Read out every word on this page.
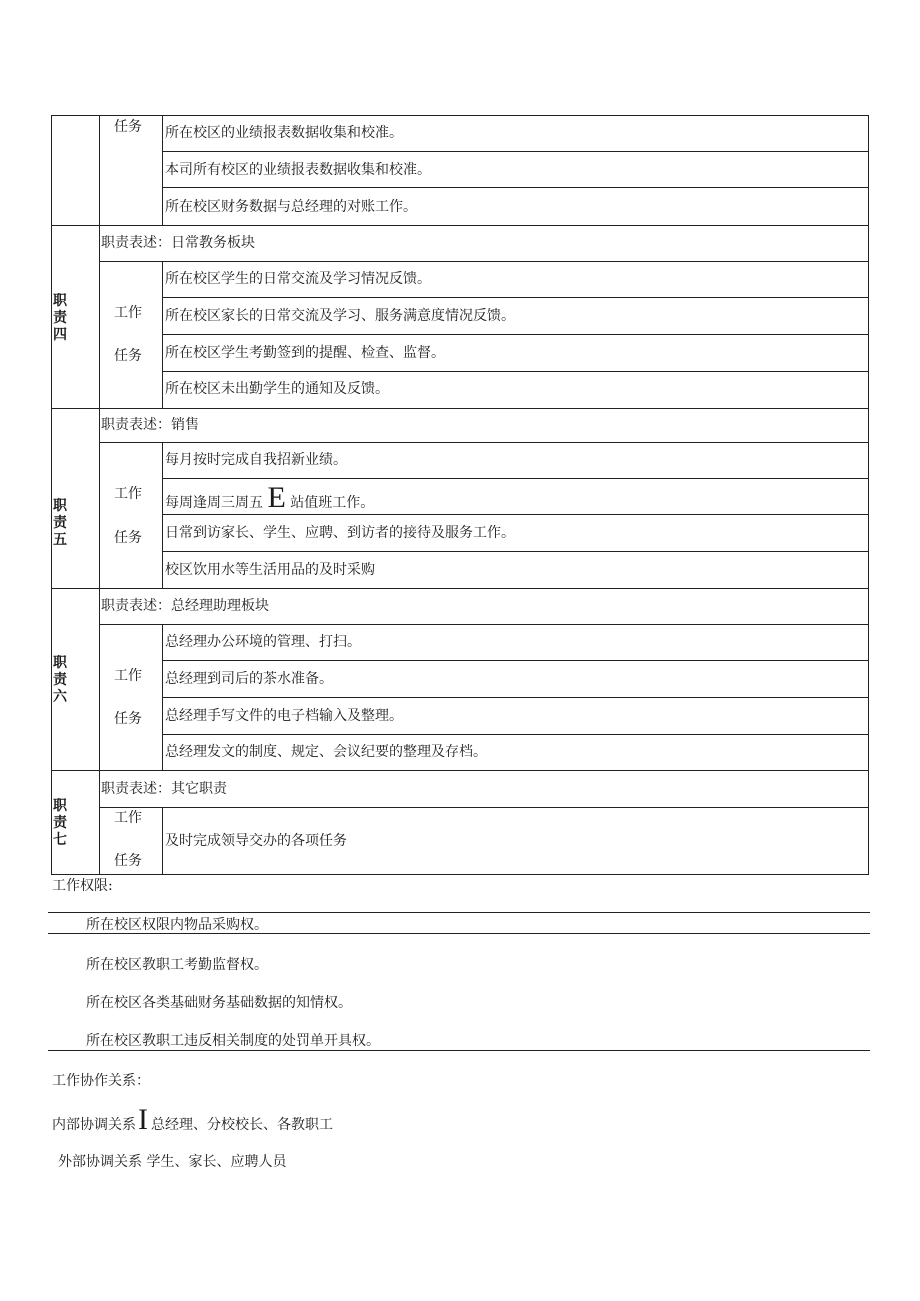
任务 所在校区的业绩报表数据收集和校准。
本司所有校区的业绩报表数据收集和校准。
所在校区财务数据与总经理的对账工作。
职
责
四
职责表述：日常教务板块
工作
任务
所在校区学生的日常交流及学习情况反馈。
所在校区家长的日常交流及学习、服务满意度情况反馈。
所在校区学生考勤签到的提醒、检查、监督。
所在校区未出勤学生的通知及反馈。
职
责
五
职责表述：销售
工作
任务
每月按时完成自我招新业绩。
每周逢周三周五 E 站值班工作。
日常到访家长、学生、应聘、到访者的接待及服务工作。
校区饮用水等生活用品的及时采购
职
责
六
职责表述：总经理助理板块
工作
任务
总经理办公环境的管理、打扫。
总经理到司后的茶水准备。
总经理手写文件的电子档输入及整理。
总经理发文的制度、规定、会议纪要的整理及存档。
职
责
七
职责表述：其它职责
工作
任务
及时完成领导交办的各项任务
工作权限:
所在校区权限内物品采购权。
所在校区教职工考勤监督权。
所在校区各类基础财务基础数据的知情权。
所在校区教职工违反相关制度的处罚单开具权。
工作协作关系：
内部协调关系I 总经理、分校校长、各教职工
外部协调关系 学生、家长、应聘人员
